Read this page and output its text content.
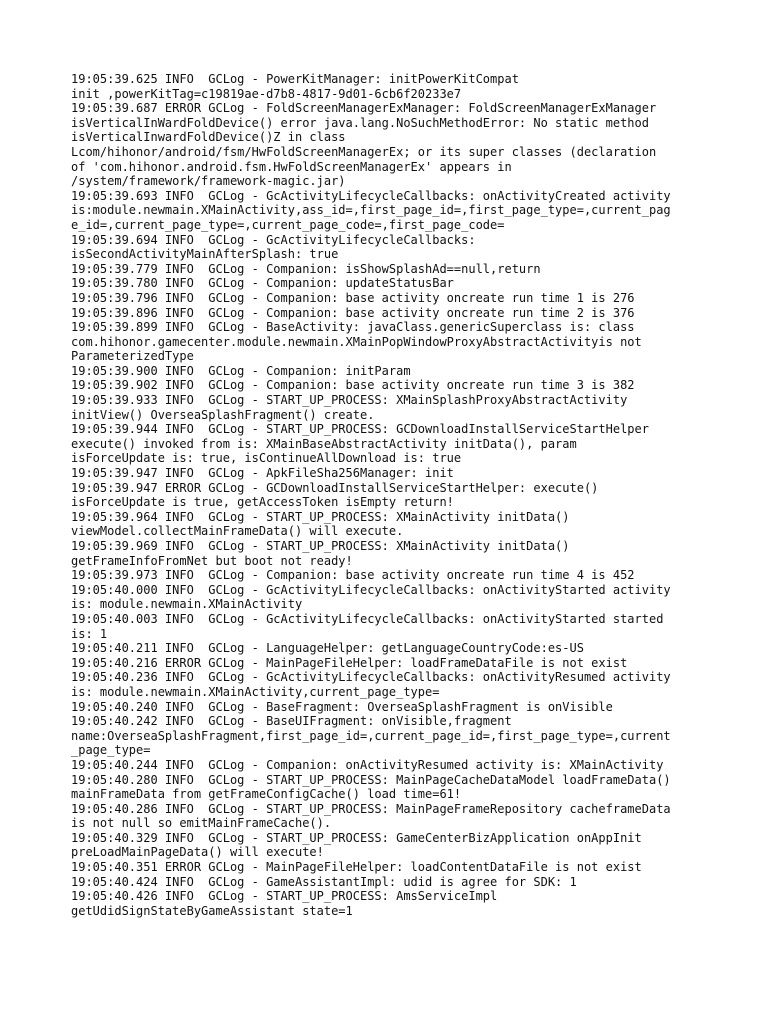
19:05:39.625 INFO  GCLog - PowerKitManager: initPowerKitCompat
init ,powerKitTag=c19819ae-d7b8-4817-9d01-6cb6f20233e7
19:05:39.687 ERROR GCLog - FoldScreenManagerExManager: FoldScreenManagerExManager
isVerticalInWardFoldDevice() error java.lang.NoSuchMethodError: No static method
isVerticalInwardFoldDevice()Z in class
Lcom/hihonor/android/fsm/HwFoldScreenManagerEx; or its super classes (declaration
of 'com.hihonor.android.fsm.HwFoldScreenManagerEx' appears in
/system/framework/framework-magic.jar)
19:05:39.693 INFO  GCLog - GcActivityLifecycleCallbacks: onActivityCreated activity
is:module.newmain.XMainActivity,ass_id=,first_page_id=,first_page_type=,current_pag
e_id=,current_page_type=,current_page_code=,first_page_code=
19:05:39.694 INFO  GCLog - GcActivityLifecycleCallbacks:
isSecondActivityMainAfterSplash: true
19:05:39.779 INFO  GCLog - Companion: isShowSplashAd==null,return
19:05:39.780 INFO  GCLog - Companion: updateStatusBar
19:05:39.796 INFO  GCLog - Companion: base activity oncreate run time 1 is 276
19:05:39.896 INFO  GCLog - Companion: base activity oncreate run time 2 is 376
19:05:39.899 INFO  GCLog - BaseActivity: javaClass.genericSuperclass is: class
com.hihonor.gamecenter.module.newmain.XMainPopWindowProxyAbstractActivityis not
ParameterizedType
19:05:39.900 INFO  GCLog - Companion: initParam
19:05:39.902 INFO  GCLog - Companion: base activity oncreate run time 3 is 382
19:05:39.933 INFO  GCLog - START_UP_PROCESS: XMainSplashProxyAbstractActivity
initView() OverseaSplashFragment() create.
19:05:39.944 INFO  GCLog - START_UP_PROCESS: GCDownloadInstallServiceStartHelper
execute() invoked from is: XMainBaseAbstractActivity initData(), param
isForceUpdate is: true, isContinueAllDownload is: true
19:05:39.947 INFO  GCLog - ApkFileSha256Manager: init
19:05:39.947 ERROR GCLog - GCDownloadInstallServiceStartHelper: execute()
isForceUpdate is true, getAccessToken isEmpty return!
19:05:39.964 INFO  GCLog - START_UP_PROCESS: XMainActivity initData()
viewModel.collectMainFrameData() will execute.
19:05:39.969 INFO  GCLog - START_UP_PROCESS: XMainActivity initData()
getFrameInfoFromNet but boot not ready!
19:05:39.973 INFO  GCLog - Companion: base activity oncreate run time 4 is 452
19:05:40.000 INFO  GCLog - GcActivityLifecycleCallbacks: onActivityStarted activity
is: module.newmain.XMainActivity
19:05:40.003 INFO  GCLog - GcActivityLifecycleCallbacks: onActivityStarted started
is: 1
19:05:40.211 INFO  GCLog - LanguageHelper: getLanguageCountryCode:es-US
19:05:40.216 ERROR GCLog - MainPageFileHelper: loadFrameDataFile is not exist
19:05:40.236 INFO  GCLog - GcActivityLifecycleCallbacks: onActivityResumed activity
is: module.newmain.XMainActivity,current_page_type=
19:05:40.240 INFO  GCLog - BaseFragment: OverseaSplashFragment is onVisible
19:05:40.242 INFO  GCLog - BaseUIFragment: onVisible,fragment
name:OverseaSplashFragment,first_page_id=,current_page_id=,first_page_type=,current
_page_type=
19:05:40.244 INFO  GCLog - Companion: onActivityResumed activity is: XMainActivity
19:05:40.280 INFO  GCLog - START_UP_PROCESS: MainPageCacheDataModel loadFrameData()
mainFrameData from getFrameConfigCache() load time=61!
19:05:40.286 INFO  GCLog - START_UP_PROCESS: MainPageFrameRepository cacheframeData
is not null so emitMainFrameCache().
19:05:40.329 INFO  GCLog - START_UP_PROCESS: GameCenterBizApplication onAppInit
preLoadMainPageData() will execute!
19:05:40.351 ERROR GCLog - MainPageFileHelper: loadContentDataFile is not exist
19:05:40.424 INFO  GCLog - GameAssistantImpl: udid is agree for SDK: 1
19:05:40.426 INFO  GCLog - START_UP_PROCESS: AmsServiceImpl
getUdidSignStateByGameAssistant state=1
